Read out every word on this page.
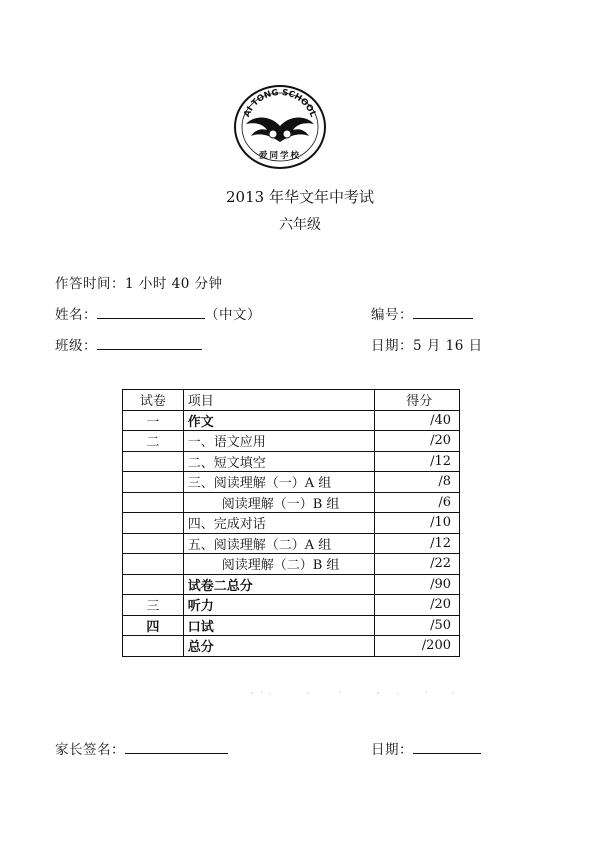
AI TONG SCHOOL
爱同学校
2013 年华文年中考试
六年级
作答时间：1 小时 40 分钟
姓名：	（中文）	编号：
班级：	日期：5 月 16 日
试卷	项目	得分
一	作文	/40
二	一、语文应用	/20
	二、短文填空	/12
	三、阅读理解（一）A 组	/8
	阅读理解（一）B 组	/6
	四、完成对话	/10
	五、阅读理解（二）A 组	/12
	阅读理解（二）B 组	/22
	试卷二总分	/90
三	听力	/20
四	口试	/50
	总分	/200
家长签名：	日期：
